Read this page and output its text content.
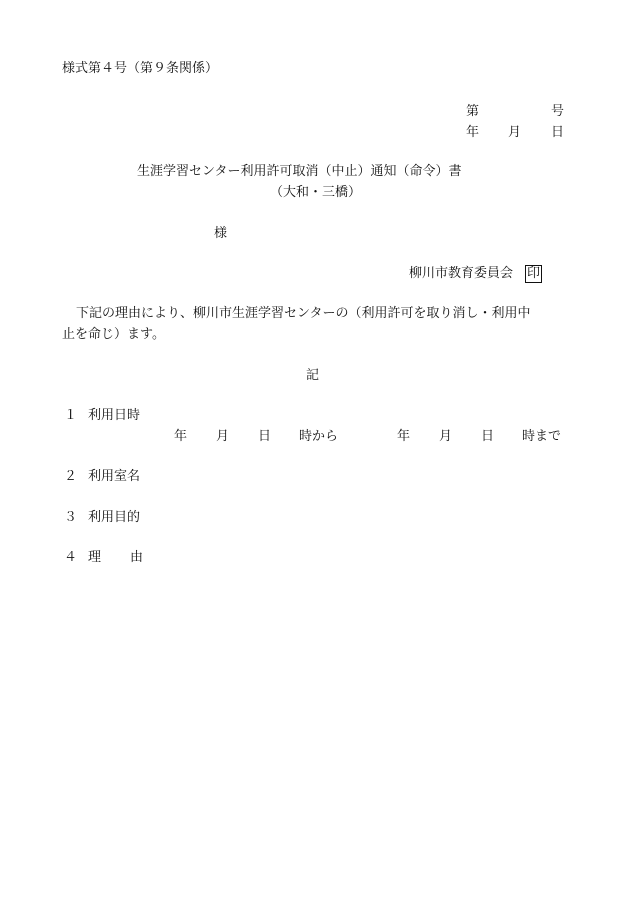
様式第４号（第９条関係）
第	号
年 月 日
生涯学習センター利用許可取消（中止）通知（命令）書
（大和・三橋）
様
柳川市教育委員会 印
下記の理由により、柳川市生涯学習センターの（利用許可を取り消し・利用中
止を命じ）ます。
記
１ 利用日時
年 月 日 時から	年 月 日 時まで
２ 利用室名
３ 利用目的
４ 理 由
